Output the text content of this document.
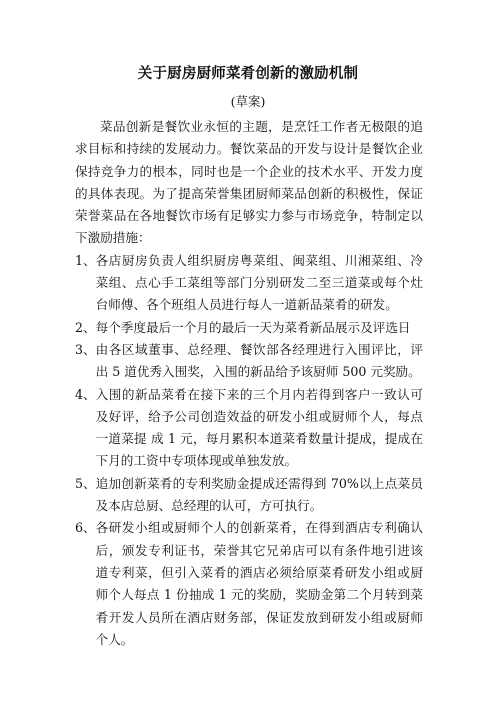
关于厨房厨师菜肴创新的激励机制
(草案)

菜品创新是餐饮业永恒的主题，是烹饪工作者无极限的追求目标和持续的发展动力。餐饮菜品的开发与设计是餐饮企业保持竞争力的根本，同时也是一个企业的技术水平、开发力度的具体表现。为了提高荣誉集团厨师菜品创新的积极性，保证荣誉菜品在各地餐饮市场有足够实力参与市场竞争，特制定以下激励措施：

1、 各店厨房负责人组织厨房粤菜组、闽菜组、川湘菜组、冷菜组、点心手工菜组等部门分别研发二至三道菜或每个灶台师傅、各个班组人员进行每人一道新品菜肴的研发。
2、 每个季度最后一个月的最后一天为菜肴新品展示及评选日
3、 由各区域董事、总经理、餐饮部各经理进行入围评比，评出 5 道优秀入围奖，入围的新品给予该厨师 500 元奖励。
4、 入围的新品菜肴在接下来的三个月内若得到客户一致认可及好评，给予公司创造效益的研发小组或厨师个人，每点一道菜提 成 1 元，每月累积本道菜肴数量计提成，提成在下月的工资中专项体现或单独发放。
5、 追加创新菜肴的专利奖励金提成还需得到 70%以上点菜员及本店总厨、总经理的认可，方可执行。
6、 各研发小组或厨师个人的创新菜肴，在得到酒店专利确认后，颁发专利证书，荣誉其它兄弟店可以有条件地引进该道专利菜，但引入菜肴的酒店必须给原菜肴研发小组或厨师个人每点 1 份抽成 1 元的奖励，奖励金第二个月转到菜肴开发人员所在酒店财务部，保证发放到研发小组或厨师个人。
